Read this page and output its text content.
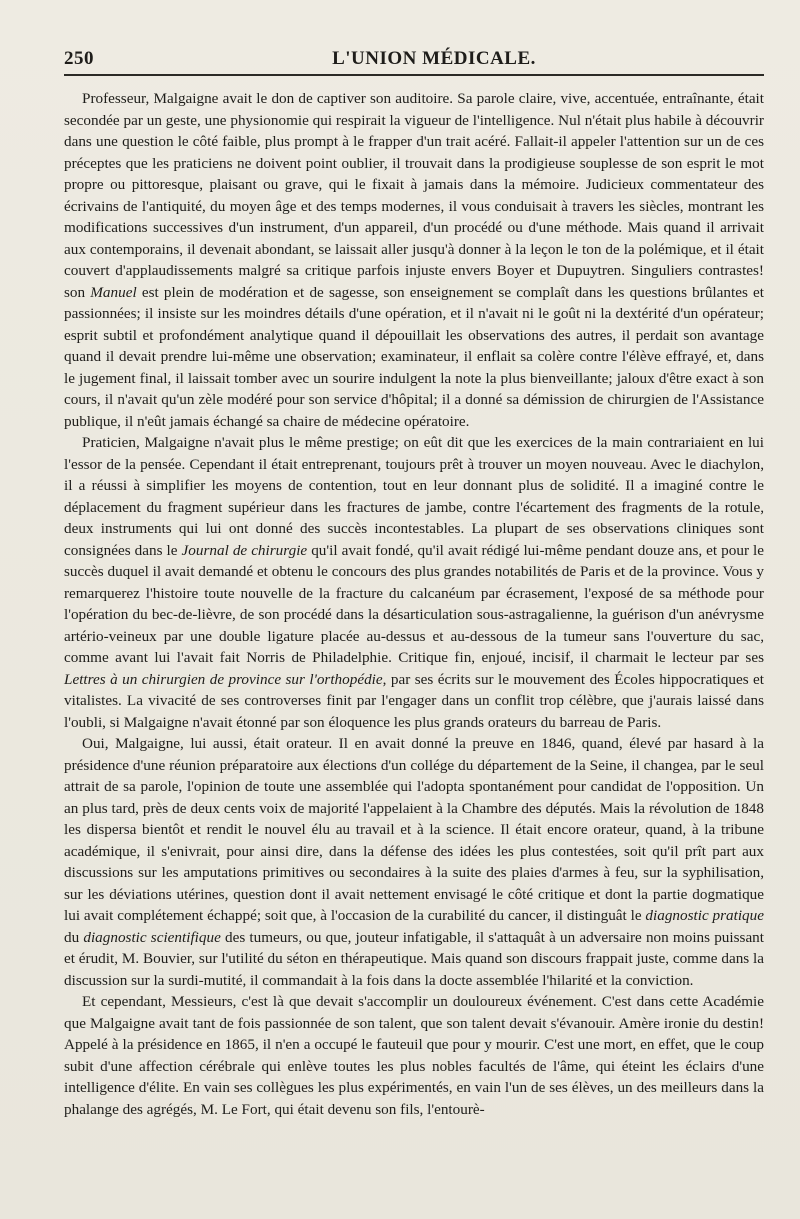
250	L'UNION MÉDICALE.

Professeur, Malgaigne avait le don de captiver son auditoire. Sa parole claire, vive, accentuée, entraînante, était secondée par un geste, une physionomie qui respirait la vigueur de l'intelligence. Nul n'était plus habile à découvrir dans une question le côté faible, plus prompt à le frapper d'un trait acéré. Fallait-il appeler l'attention sur un de ces préceptes que les praticiens ne doivent point oublier, il trouvait dans la prodigieuse souplesse de son esprit le mot propre ou pittoresque, plaisant ou grave, qui le fixait à jamais dans la mémoire. Judicieux commentateur des écrivains de l'antiquité, du moyen âge et des temps modernes, il vous conduisait à travers les siècles, montrant les modifications successives d'un instrument, d'un appareil, d'un procédé ou d'une méthode. Mais quand il arrivait aux contemporains, il devenait abondant, se laissait aller jusqu'à donner à la leçon le ton de la polémique, et il était couvert d'applaudissements malgré sa critique parfois injuste envers Boyer et Dupuytren. Singuliers contrastes! son Manuel est plein de modération et de sagesse, son enseignement se complaît dans les questions brûlantes et passionnées; il insiste sur les moindres détails d'une opération, et il n'avait ni le goût ni la dextérité d'un opérateur; esprit subtil et profondément analytique quand il dépouillait les observations des autres, il perdait son avantage quand il devait prendre lui-même une observation; examinateur, il enflait sa colère contre l'élève effrayé, et, dans le jugement final, il laissait tomber avec un sourire indulgent la note la plus bienveillante; jaloux d'être exact à son cours, il n'avait qu'un zèle modéré pour son service d'hôpital; il a donné sa démission de chirurgien de l'Assistance publique, il n'eût jamais échangé sa chaire de médecine opératoire.

Praticien, Malgaigne n'avait plus le même prestige; on eût dit que les exercices de la main contrariaient en lui l'essor de la pensée. Cependant il était entreprenant, toujours prêt à trouver un moyen nouveau. Avec le diachylon, il a réussi à simplifier les moyens de contention, tout en leur donnant plus de solidité. Il a imaginé contre le déplacement du fragment supérieur dans les fractures de jambe, contre l'écartement des fragments de la rotule, deux instruments qui lui ont donné des succès incontestables. La plupart de ses observations cliniques sont consignées dans le Journal de chirurgie qu'il avait fondé, qu'il avait rédigé lui-même pendant douze ans, et pour le succès duquel il avait demandé et obtenu le concours des plus grandes notabilités de Paris et de la province. Vous y remarquerez l'histoire toute nouvelle de la fracture du calcanéum par écrasement, l'exposé de sa méthode pour l'opération du bec-de-lièvre, de son procédé dans la désarticulation sous-astragalienne, la guérison d'un anévrysme artério-veineux par une double ligature placée au-dessus et au-dessous de la tumeur sans l'ouverture du sac, comme avant lui l'avait fait Norris de Philadelphie. Critique fin, enjoué, incisif, il charmait le lecteur par ses Lettres à un chirurgien de province sur l'orthopédie, par ses écrits sur le mouvement des Écoles hippocratiques et vitalistes. La vivacité de ses controverses finit par l'engager dans un conflit trop célèbre, que j'aurais laissé dans l'oubli, si Malgaigne n'avait étonné par son éloquence les plus grands orateurs du barreau de Paris.

Oui, Malgaigne, lui aussi, était orateur. Il en avait donné la preuve en 1846, quand, élevé par hasard à la présidence d'une réunion préparatoire aux élections d'un collége du département de la Seine, il changea, par le seul attrait de sa parole, l'opinion de toute une assemblée qui l'adopta spontanément pour candidat de l'opposition. Un an plus tard, près de deux cents voix de majorité l'appelaient à la Chambre des députés. Mais la révolution de 1848 les dispersa bientôt et rendit le nouvel élu au travail et à la science. Il était encore orateur, quand, à la tribune académique, il s'enivrait, pour ainsi dire, dans la défense des idées les plus contestées, soit qu'il prît part aux discussions sur les amputations primitives ou secondaires à la suite des plaies d'armes à feu, sur la syphilisation, sur les déviations utérines, question dont il avait nettement envisagé le côté critique et dont la partie dogmatique lui avait complétement échappé; soit que, à l'occasion de la curabilité du cancer, il distinguât le diagnostic pratique du diagnostic scientifique des tumeurs, ou que, jouteur infatigable, il s'attaquât à un adversaire non moins puissant et érudit, M. Bouvier, sur l'utilité du séton en thérapeutique. Mais quand son discours frappait juste, comme dans la discussion sur la surdi-mutité, il commandait à la fois dans la docte assemblée l'hilarité et la conviction.

Et cependant, Messieurs, c'est là que devait s'accomplir un douloureux événement. C'est dans cette Académie que Malgaigne avait tant de fois passionnée de son talent, que son talent devait s'évanouir. Amère ironie du destin! Appelé à la présidence en 1865, il n'en a occupé le fauteuil que pour y mourir. C'est une mort, en effet, que le coup subit d'une affection cérébrale qui enlève toutes les plus nobles facultés de l'âme, qui éteint les éclairs d'une intelligence d'élite. En vain ses collègues les plus expérimentés, en vain l'un de ses élèves, un des meilleurs dans la phalange des agrégés, M. Le Fort, qui était devenu son fils, l'entourè-
